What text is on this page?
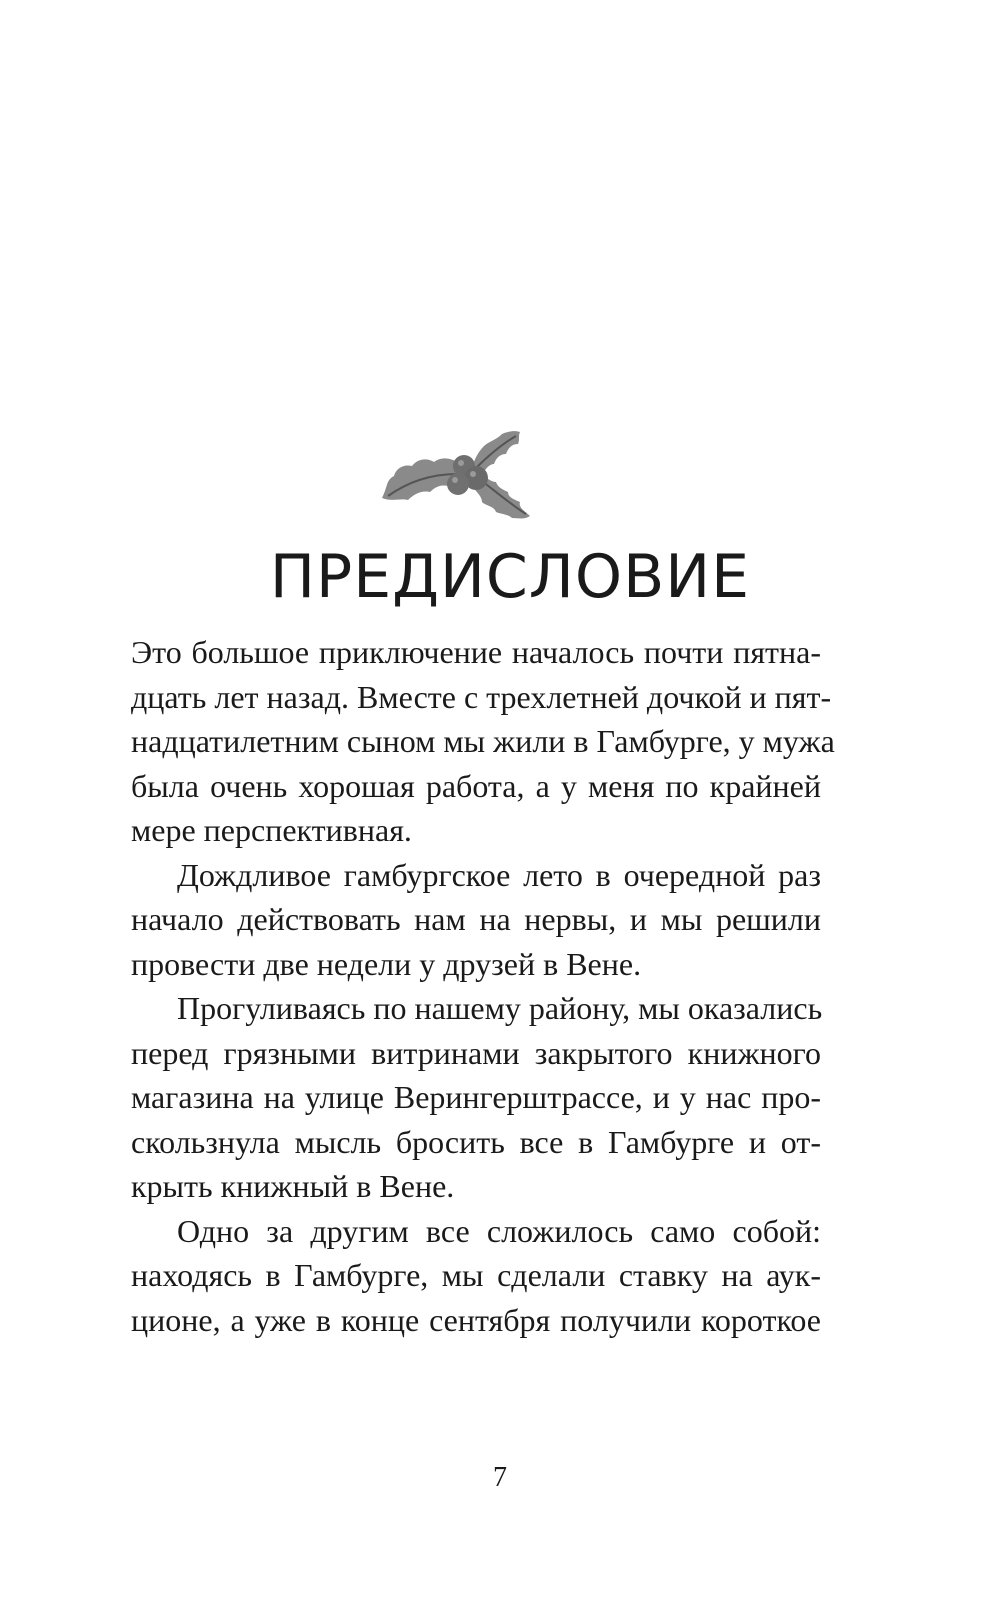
ПРЕДИСЛОВИЕ

Это большое приключение началось почти пятна-
дцать лет назад. Вместе с трехлетней дочкой и пят-
надцатилетним сыном мы жили в Гамбурге, у мужа
была очень хорошая работа, а у меня по крайней
мере перспективная.

Дождливое гамбургское лето в очередной раз
начало действовать нам на нервы, и мы решили
провести две недели у друзей в Вене.

Прогуливаясь по нашему району, мы оказались
перед грязными витринами закрытого книжного
магазина на улице Верингерштрассе, и у нас про-
скользнула мысль бросить все в Гамбурге и от-
крыть книжный в Вене.

Одно за другим все сложилось само собой:
находясь в Гамбурге, мы сделали ставку на аук-
ционе, а уже в конце сентября получили короткое

7
